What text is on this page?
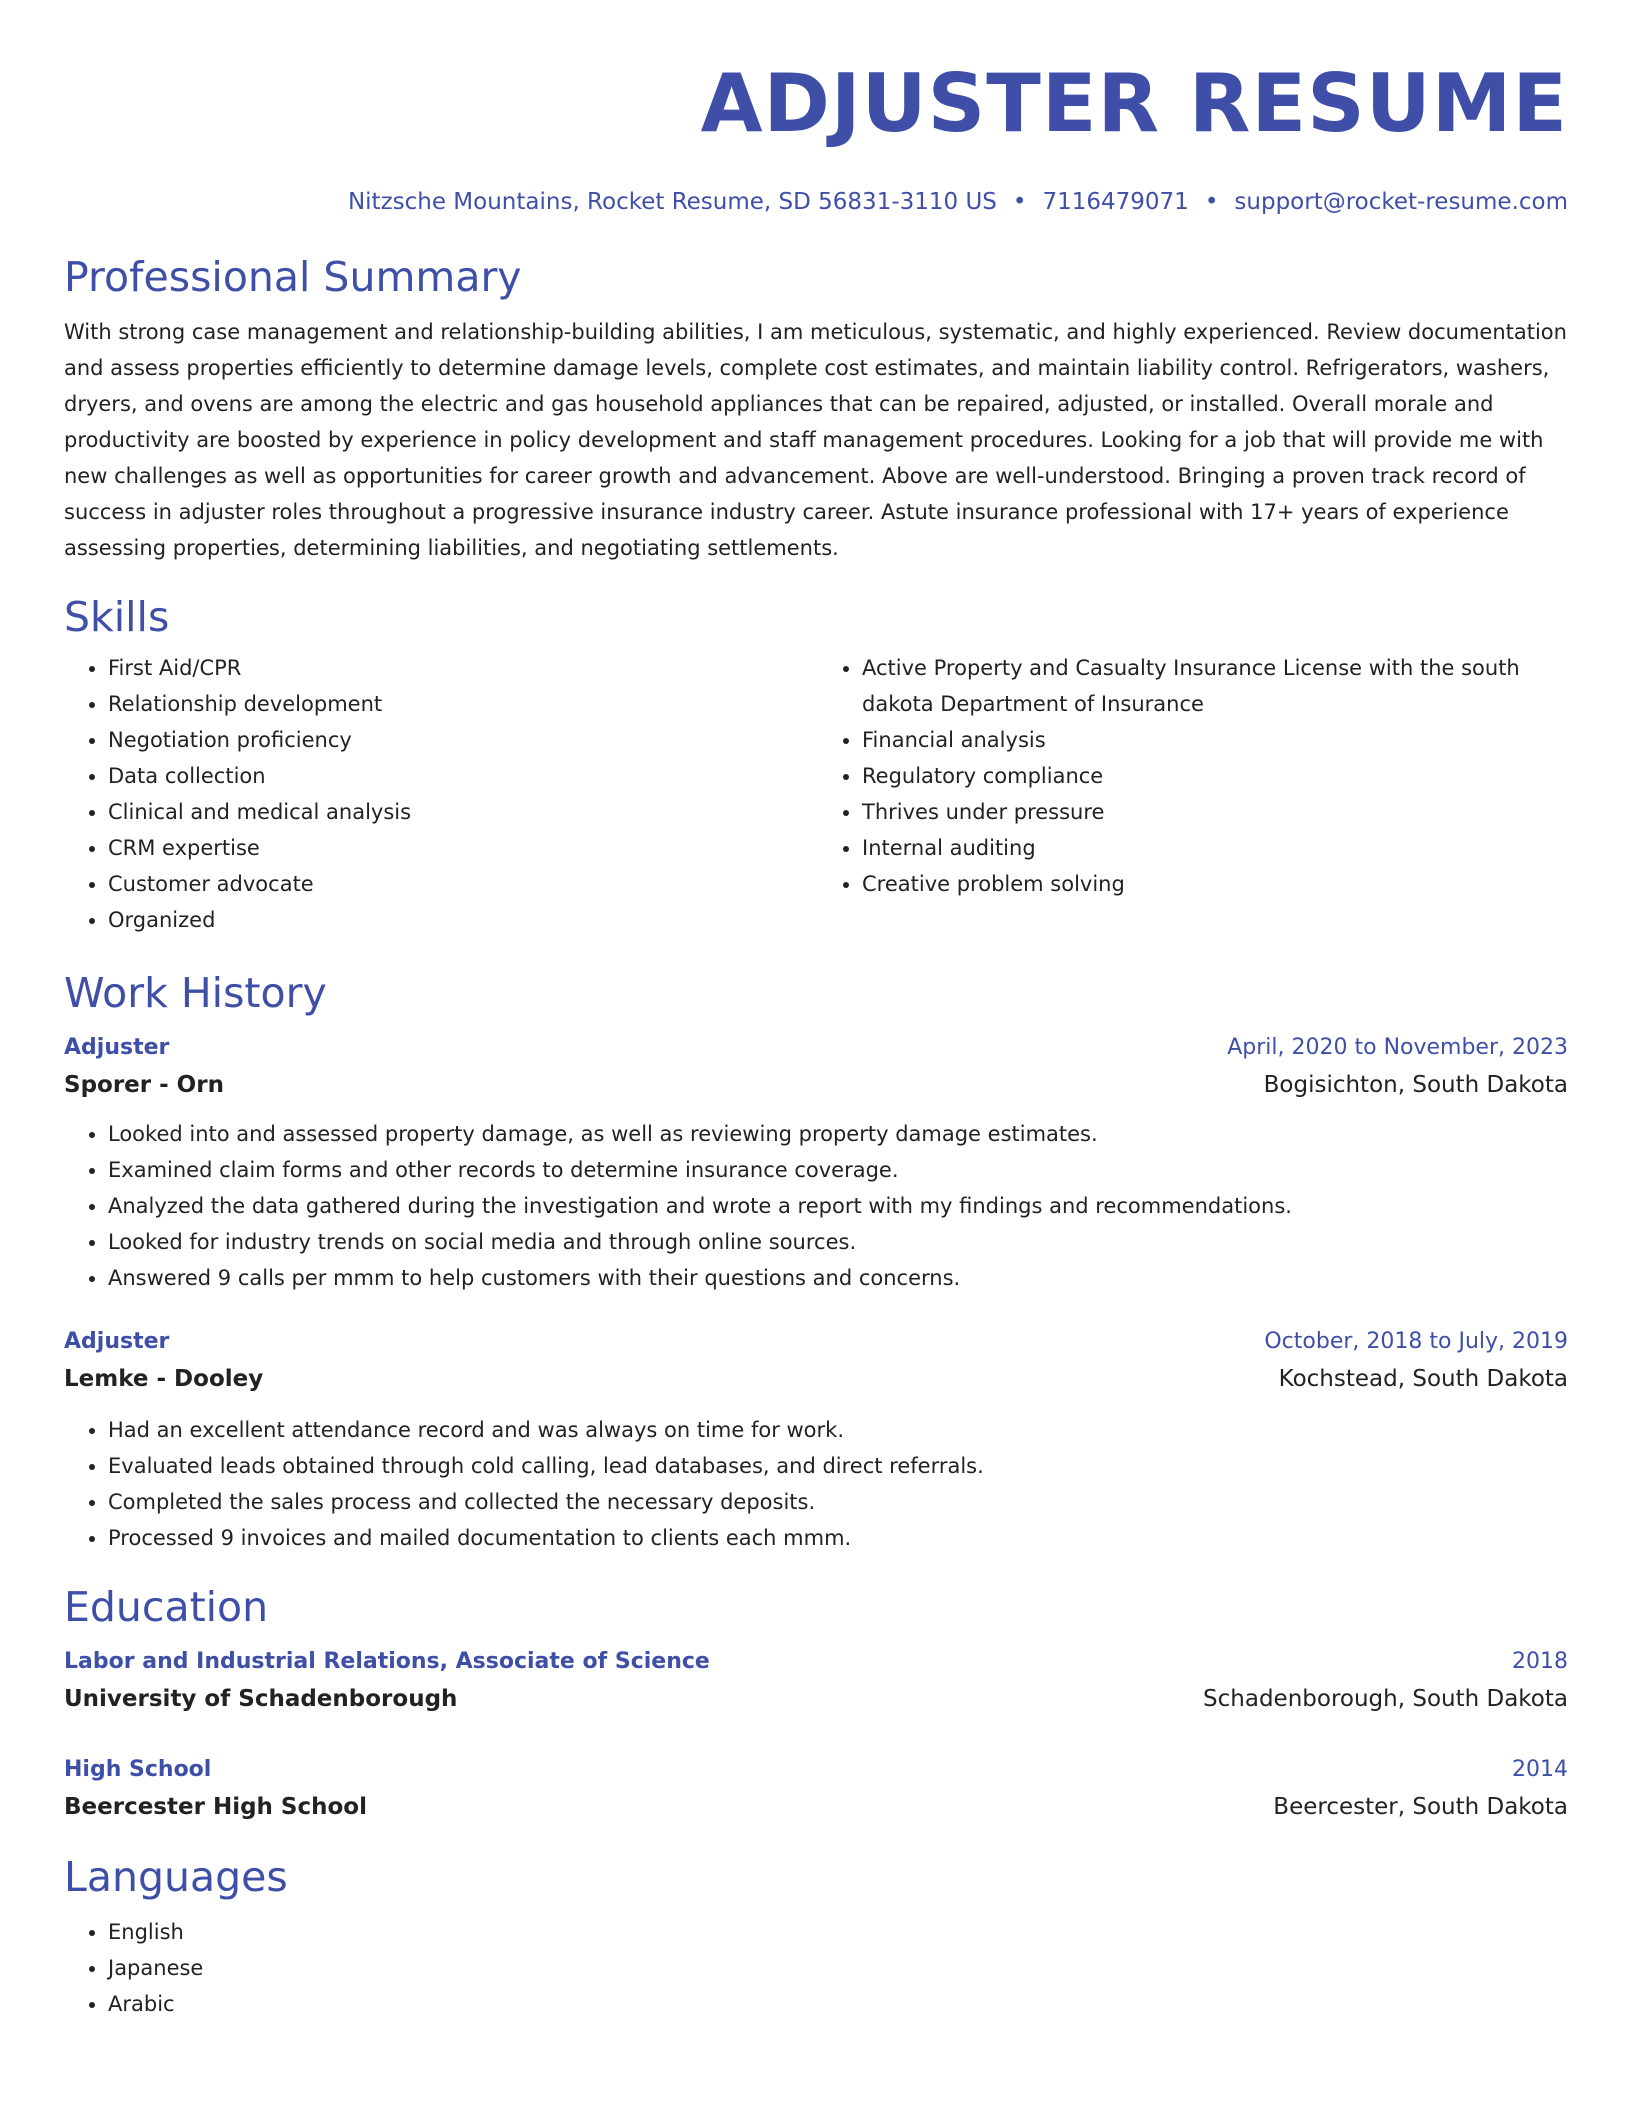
ADJUSTER RESUME
Nitzsche Mountains, Rocket Resume, SD 56831-3110 US • 7116479071 • support@rocket-resume.com
Professional Summary

With strong case management and relationship-building abilities, I am meticulous, systematic, and highly experienced. Review documentation and assess properties efficiently to determine damage levels, complete cost estimates, and maintain liability control. Refrigerators, washers, dryers, and ovens are among the electric and gas household appliances that can be repaired, adjusted, or installed. Overall morale and productivity are boosted by experience in policy development and staff management procedures. Looking for a job that will provide me with new challenges as well as opportunities for career growth and advancement. Above are well-understood. Bringing a proven track record of success in adjuster roles throughout a progressive insurance industry career. Astute insurance professional with 17+ years of experience assessing properties, determining liabilities, and negotiating settlements.

Skills
• First Aid/CPR
• Relationship development
• Negotiation proficiency
• Data collection
• Clinical and medical analysis
• CRM expertise
• Customer advocate
• Organized
• Active Property and Casualty Insurance License with the south dakota Department of Insurance
• Financial analysis
• Regulatory compliance
• Thrives under pressure
• Internal auditing
• Creative problem solving
Work History
Adjuster	April, 2020 to November, 2023
Sporer - Orn	Bogisichton, South Dakota
• Looked into and assessed property damage, as well as reviewing property damage estimates.
• Examined claim forms and other records to determine insurance coverage.
• Analyzed the data gathered during the investigation and wrote a report with my findings and recommendations.
• Looked for industry trends on social media and through online sources.
• Answered 9 calls per mmm to help customers with their questions and concerns.
Adjuster	October, 2018 to July, 2019
Lemke - Dooley	Kochstead, South Dakota
• Had an excellent attendance record and was always on time for work.
• Evaluated leads obtained through cold calling, lead databases, and direct referrals.
• Completed the sales process and collected the necessary deposits.
• Processed 9 invoices and mailed documentation to clients each mmm.
Education
Labor and Industrial Relations, Associate of Science	2018
University of Schadenborough	Schadenborough, South Dakota
High School	2014
Beercester High School	Beercester, South Dakota
Languages
• English
• Japanese
• Arabic
